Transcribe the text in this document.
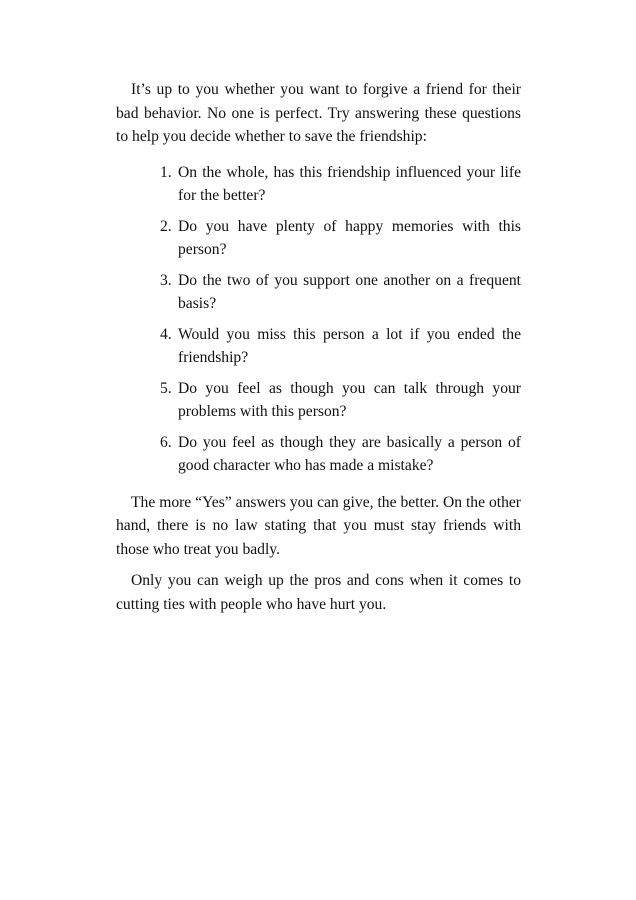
It’s up to you whether you want to forgive a friend for their bad behavior. No one is perfect. Try answering these questions to help you decide whether to save the friendship:

1. On the whole, has this friendship influenced your life for the better?
2. Do you have plenty of happy memories with this person?
3. Do the two of you support one another on a frequent basis?
4. Would you miss this person a lot if you ended the friendship?
5. Do you feel as though you can talk through your problems with this person?
6. Do you feel as though they are basically a person of good character who has made a mistake?

The more “Yes” answers you can give, the better. On the other hand, there is no law stating that you must stay friends with those who treat you badly.

Only you can weigh up the pros and cons when it comes to cutting ties with people who have hurt you.
